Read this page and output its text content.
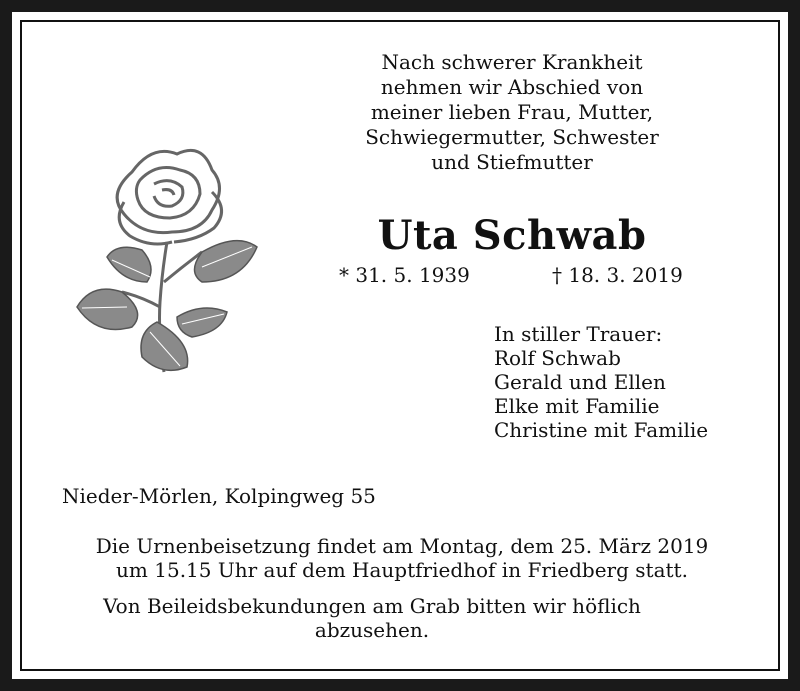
Nach schwerer Krankheit
nehmen wir Abschied von
meiner lieben Frau, Mutter,
Schwiegermutter, Schwester
und Stiefmutter
Uta Schwab
* 31. 5. 1939	† 18. 3. 2019
In stiller Trauer:
Rolf Schwab
Gerald und Ellen
Elke mit Familie
Christine mit Familie
Nieder-Mörlen, Kolpingweg 55
Die Urnenbeisetzung findet am Montag, dem 25. März 2019
um 15.15 Uhr auf dem Hauptfriedhof in Friedberg statt.
Von Beileidsbekundungen am Grab bitten wir höflich
abzusehen.
